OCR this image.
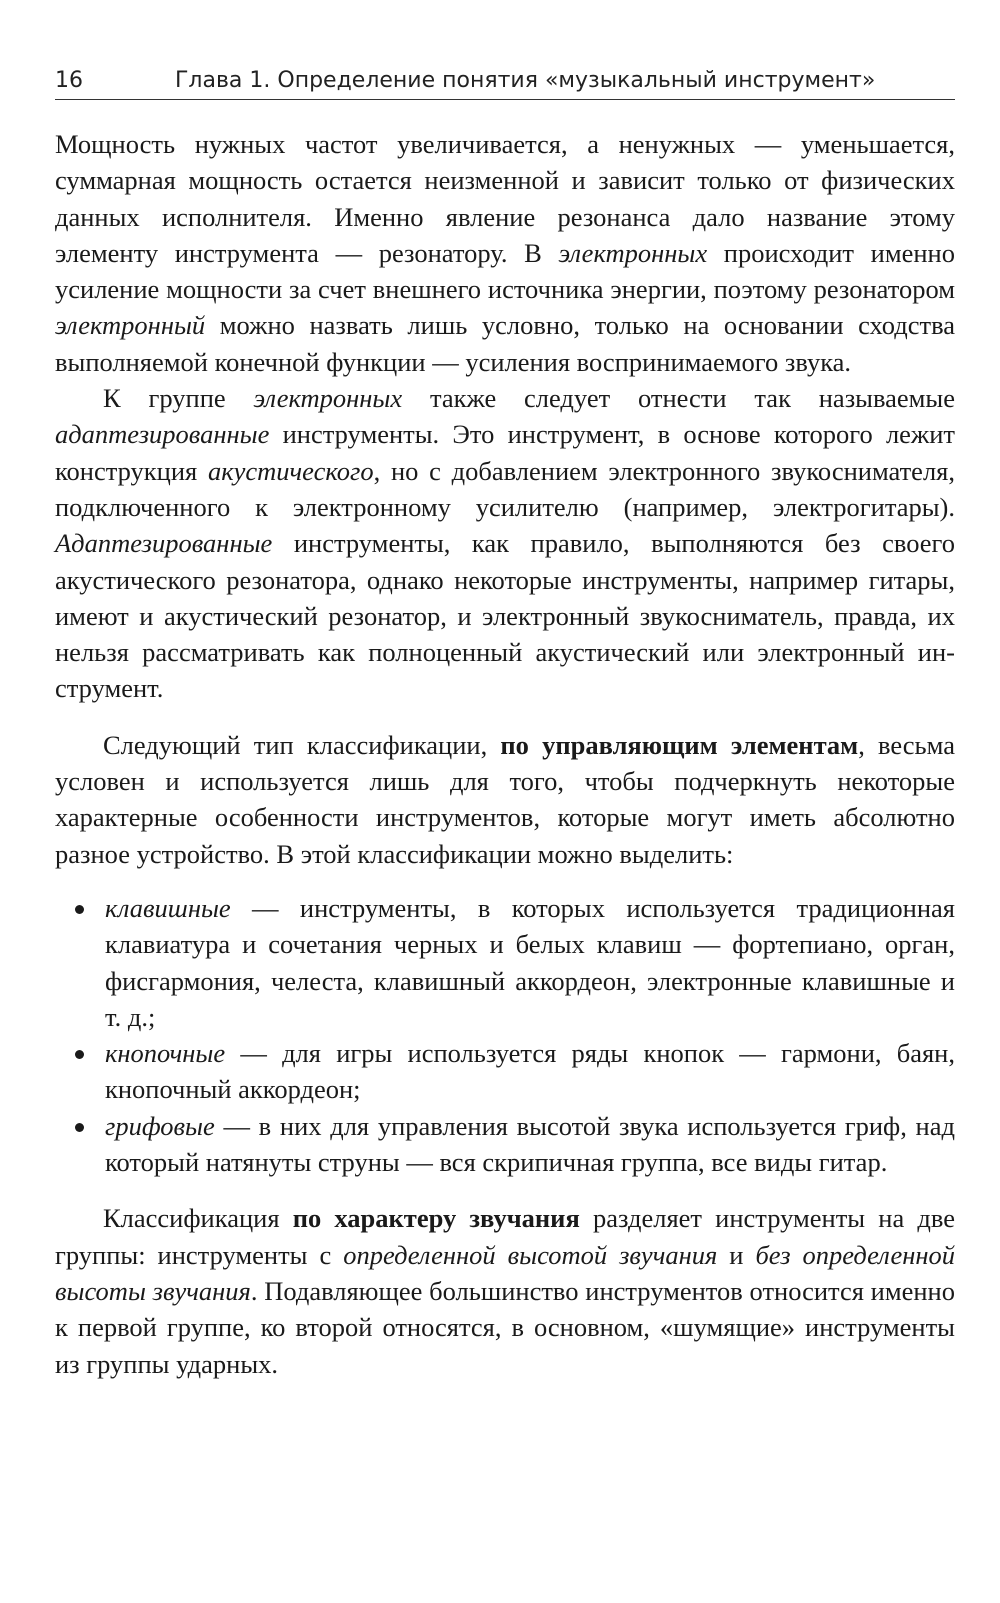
16	Глава 1. Определение понятия «музыкальный инструмент»

Мощность нужных частот увеличивается, а ненужных — уменьшается, суммарная мощность остается неизменной и зависит только от физических данных исполнителя. Именно явление резонанса дало название этому элементу инструмента — резонатору. В электронных происходит именно усиление мощности за счет внешнего источника энергии, поэтому резонатором электронный можно назвать лишь условно, только на основании сходства выполняемой конечной функции — усиления воспринимаемого звука.

К группе электронных также следует отнести так называемые адаптезированные инструменты. Это инструмент, в основе которого лежит конструкция акустического, но с добавлением электронного звукоснимателя, подключенного к электронному усилителю (например, электрогитары). Адаптезированные инструменты, как правило, выполняются без своего акустического резонатора, однако некоторые инструменты, например гитары, имеют и акустический резонатор, и электронный звукосниматель, правда, их нельзя рассматривать как полноценный акустический или электронный инструмент.

Следующий тип классификации, по управляющим элементам, весьма условен и используется лишь для того, чтобы подчеркнуть некоторые характерные особенности инструментов, которые могут иметь абсолютно разное устройство. В этой классификации можно выделить:

клавишные — инструменты, в которых используется традиционная клавиатура и сочетания черных и белых клавиш — фортепиано, орган, фисгармония, челеста, клавишный аккордеон, электронные клавишные и т. д.;
кнопочные — для игры используется ряды кнопок — гармони, баян, кнопочный аккордеон;
грифовые — в них для управления высотой звука используется гриф, над который натянуты струны — вся скрипичная группа, все виды гитар.

Классификация по характеру звучания разделяет инструменты на две группы: инструменты с определенной высотой звучания и без определенной высоты звучания. Подавляющее большинство инструментов относится именно к первой группе, ко второй относятся, в основном, «шумящие» инструменты из группы ударных.
